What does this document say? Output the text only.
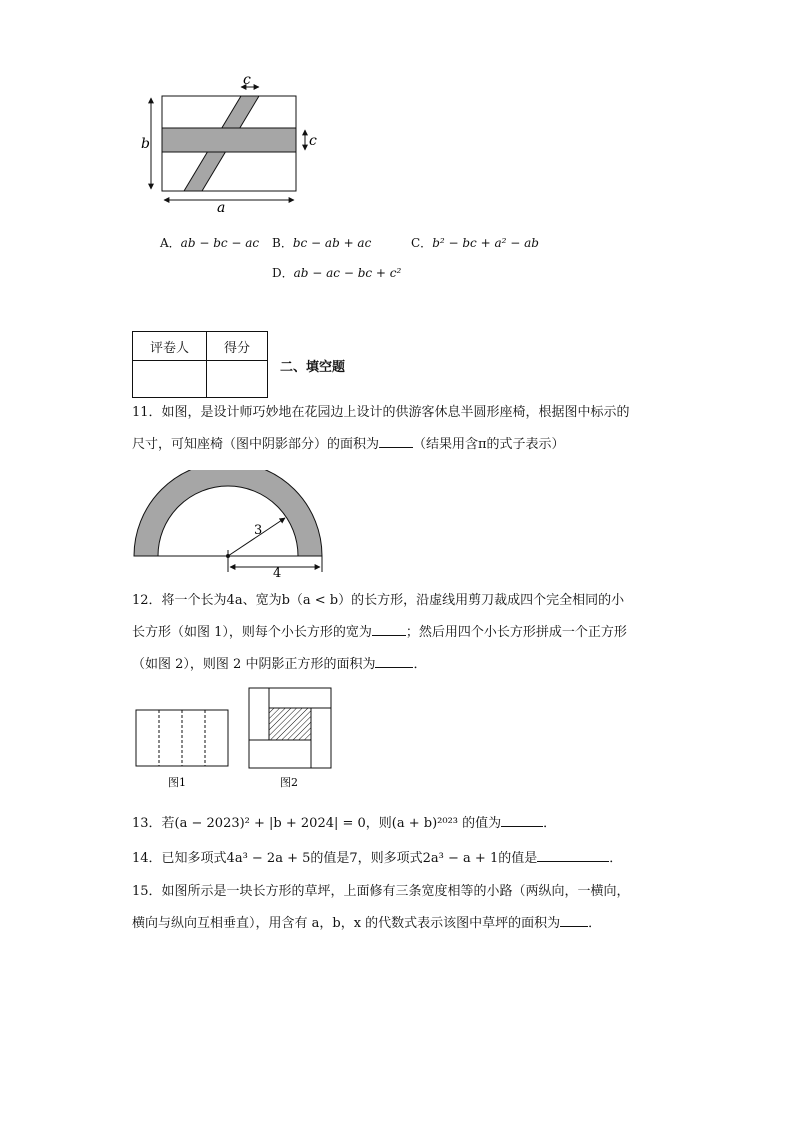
b
a
c
c
A．ab − bc − ac B．bc − ab + ac	C．b² − bc + a² − ab
D．ab − ac − bc + c²
评卷人	得分

二、填空题
11．如图，是设计师巧妙地在花园边上设计的供游客休息半圆形座椅，根据图中标示的
尺寸，可知座椅（图中阴影部分）的面积为	（结果用含π的式子表示）
3
4
12．将一个长为4a、宽为b（a < b）的长方形，沿虚线用剪刀裁成四个完全相同的小
长方形（如图 1），则每个小长方形的宽为	；然后用四个小长方形拼成一个正方形
（如图 2），则图 2 中阴影正方形的面积为	．
图1	图2
13．若(a − 2023)² + |b + 2024| = 0，则(a + b)²⁰²³ 的值为	．
14．已知多项式4a³ − 2a + 5的值是7，则多项式2a³ − a + 1的值是	．
15．如图所示是一块长方形的草坪，上面修有三条宽度相等的小路（两纵向，一横向，
横向与纵向互相垂直），用含有 a，b，x 的代数式表示该图中草坪的面积为 ．
